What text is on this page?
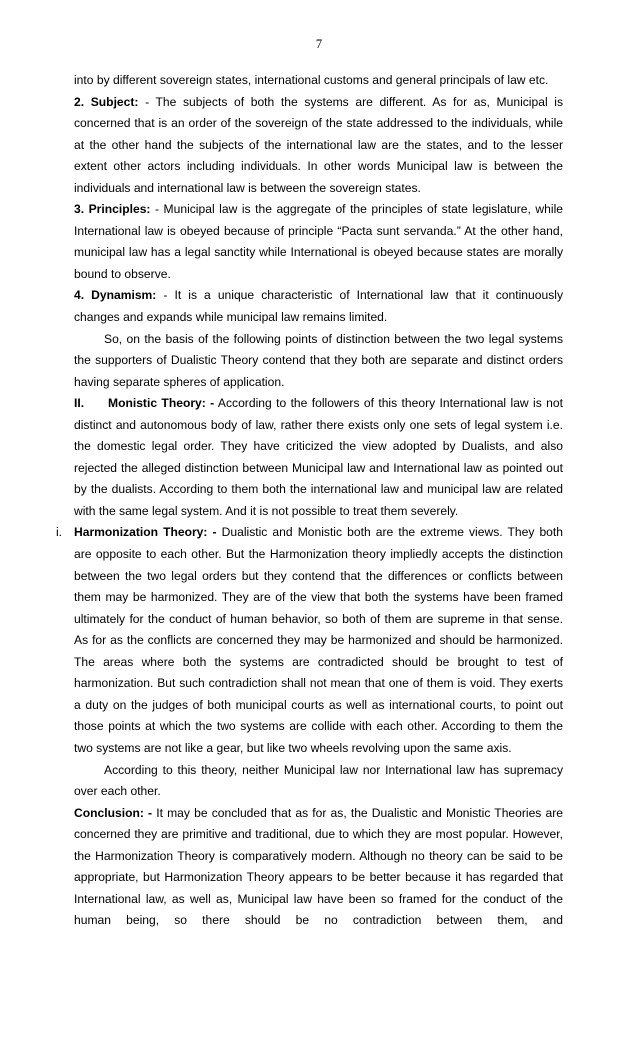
7

into by different sovereign states, international customs and general principals of law etc.

2. Subject: - The subjects of both the systems are different. As for as, Municipal is concerned that is an order of the sovereign of the state addressed to the individuals, while at the other hand the subjects of the international law are the states, and to the lesser extent other actors including individuals. In other words Municipal law is between the individuals and international law is between the sovereign states.

3. Principles: - Municipal law is the aggregate of the principles of state legislature, while International law is obeyed because of principle “Pacta sunt servanda.” At the other hand, municipal law has a legal sanctity while International is obeyed because states are morally bound to observe.

4. Dynamism: - It is a unique characteristic of International law that it continuously changes and expands while municipal law remains limited.

So, on the basis of the following points of distinction between the two legal systems the supporters of Dualistic Theory contend that they both are separate and distinct orders having separate spheres of application.

II. Monistic Theory: - According to the followers of this theory International law is not distinct and autonomous body of law, rather there exists only one sets of legal system i.e. the domestic legal order. They have criticized the view adopted by Dualists, and also rejected the alleged distinction between Municipal law and International law as pointed out by the dualists. According to them both the international law and municipal law are related with the same legal system. And it is not possible to treat them severely.

i. Harmonization Theory: - Dualistic and Monistic both are the extreme views. They both are opposite to each other. But the Harmonization theory impliedly accepts the distinction between the two legal orders but they contend that the differences or conflicts between them may be harmonized. They are of the view that both the systems have been framed ultimately for the conduct of human behavior, so both of them are supreme in that sense. As for as the conflicts are concerned they may be harmonized and should be harmonized. The areas where both the systems are contradicted should be brought to test of harmonization. But such contradiction shall not mean that one of them is void. They exerts a duty on the judges of both municipal courts as well as international courts, to point out those points at which the two systems are collide with each other. According to them the two systems are not like a gear, but like two wheels revolving upon the same axis.

According to this theory, neither Municipal law nor International law has supremacy over each other.

Conclusion: - It may be concluded that as for as, the Dualistic and Monistic Theories are concerned they are primitive and traditional, due to which they are most popular. However, the Harmonization Theory is comparatively modern. Although no theory can be said to be appropriate, but Harmonization Theory appears to be better because it has regarded that International law, as well as, Municipal law have been so framed for the conduct of the human being, so there should be no contradiction between them, and
